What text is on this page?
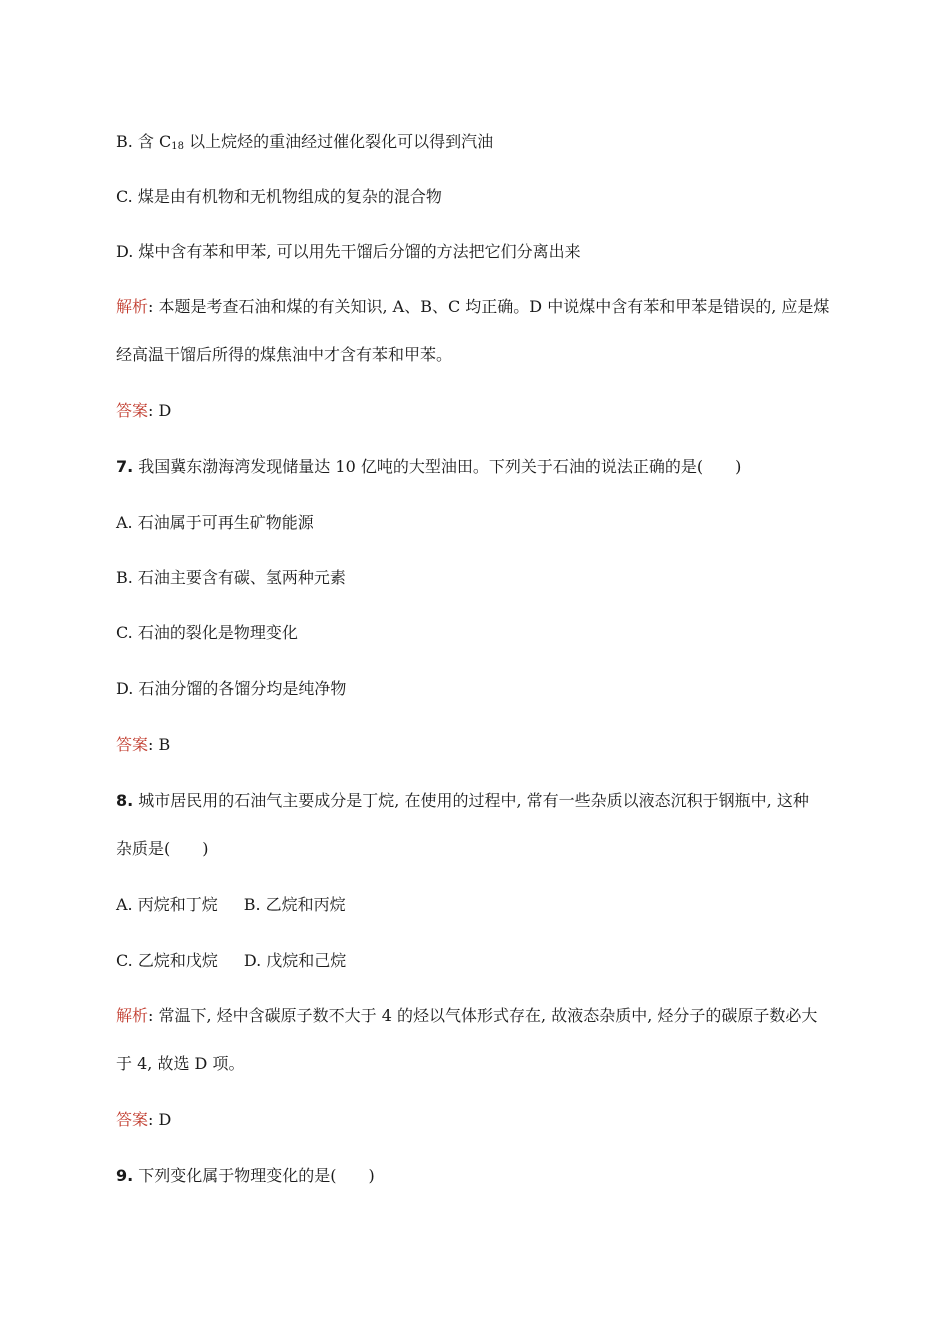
B. 含 $C_{18}$ 以上烷烃的重油经过催化裂化可以得到汽油
C. 煤是由有机物和无机物组成的复杂的混合物
D. 煤中含有苯和甲苯, 可以用先干馏后分馏的方法把它们分离出来
解析: 本题是考查石油和煤的有关知识, A、B、C 均正确。D 中说煤中含有苯和甲苯是错误的, 应是煤
经高温干馏后所得的煤焦油中才含有苯和甲苯。
答案: D
7. 我国冀东渤海湾发现储量达 10 亿吨的大型油田。下列关于石油的说法正确的是(　　)
A. 石油属于可再生矿物能源
B. 石油主要含有碳、氢两种元素
C. 石油的裂化是物理变化
D. 石油分馏的各馏分均是纯净物
答案: B
8. 城市居民用的石油气主要成分是丁烷, 在使用的过程中, 常有一些杂质以液态沉积于钢瓶中, 这种
杂质是(　　)
A. 丙烷和丁烷 B. 乙烷和丙烷
C. 乙烷和戊烷 D. 戊烷和己烷
解析: 常温下, 烃中含碳原子数不大于 4 的烃以气体形式存在, 故液态杂质中, 烃分子的碳原子数必大
于 4, 故选 D 项。
答案: D
9. 下列变化属于物理变化的是(　　)
